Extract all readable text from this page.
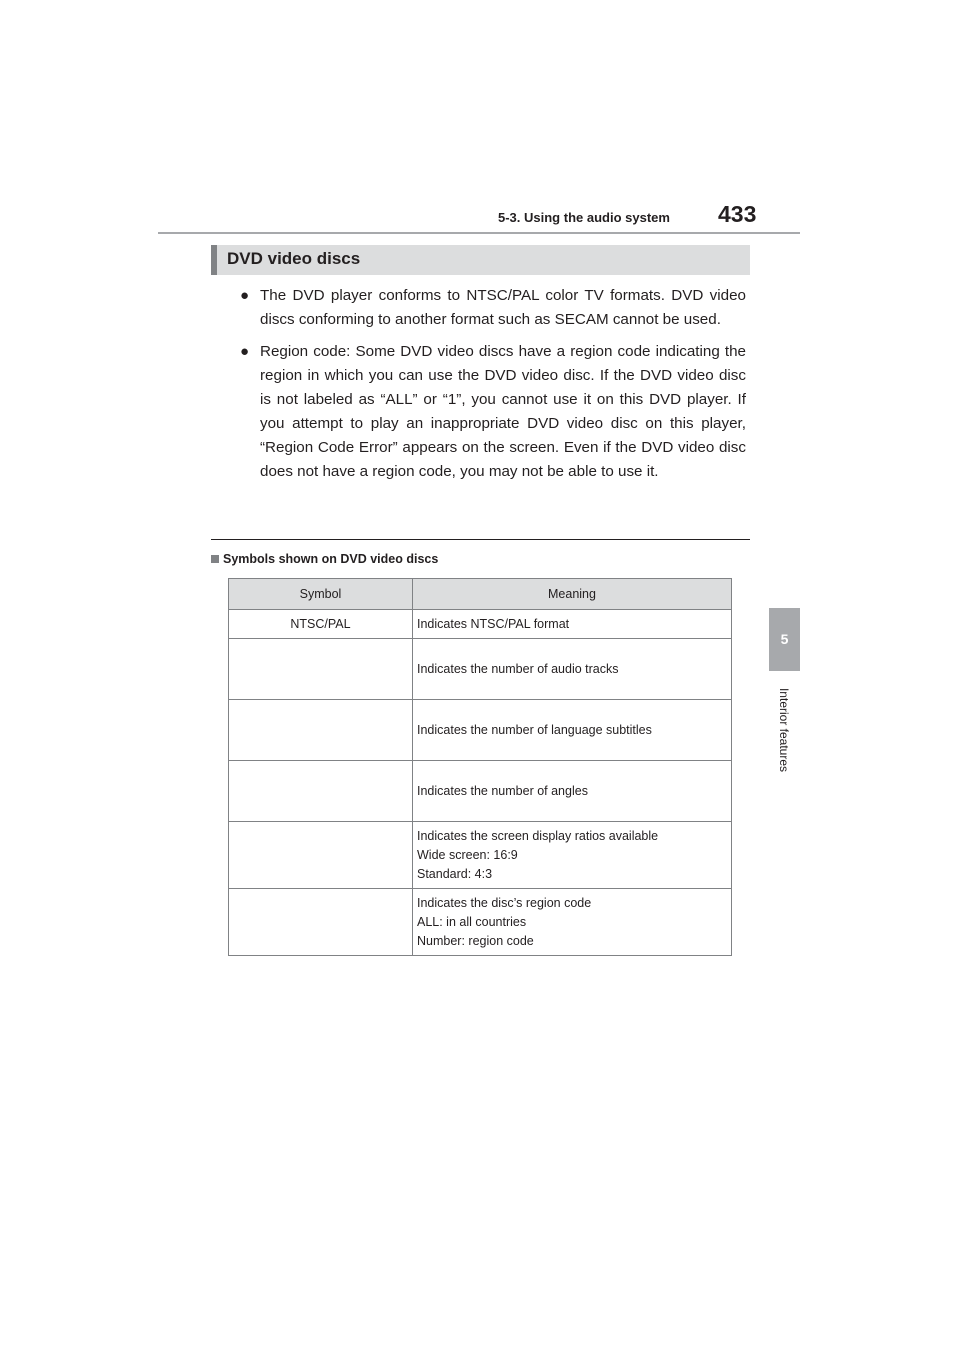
5-3. Using the audio system 433
5
Interior features
DVD video discs
● The DVD player conforms to NTSC/PAL color TV formats. DVD video discs conforming to another format such as SECAM cannot be used.
● Region code: Some DVD video discs have a region code indicating the region in which you can use the DVD video disc. If the DVD video disc is not labeled as “ALL” or “1”, you cannot use it on this DVD player. If you attempt to play an inappropriate DVD video disc on this player, “Region Code Error” appears on the screen. Even if the DVD video disc does not have a region code, you may not be able to use it.
Symbols shown on DVD video discs
Symbol	Meaning
NTSC/PAL	Indicates NTSC/PAL format

	Indicates the number of audio tracks

	Indicates the number of language subtitles

	Indicates the number of angles

	Indicates the screen display ratios available
Wide screen: 16:9
Standard: 4:3

	Indicates the disc’s region code
ALL: in all countries
Number: region code
